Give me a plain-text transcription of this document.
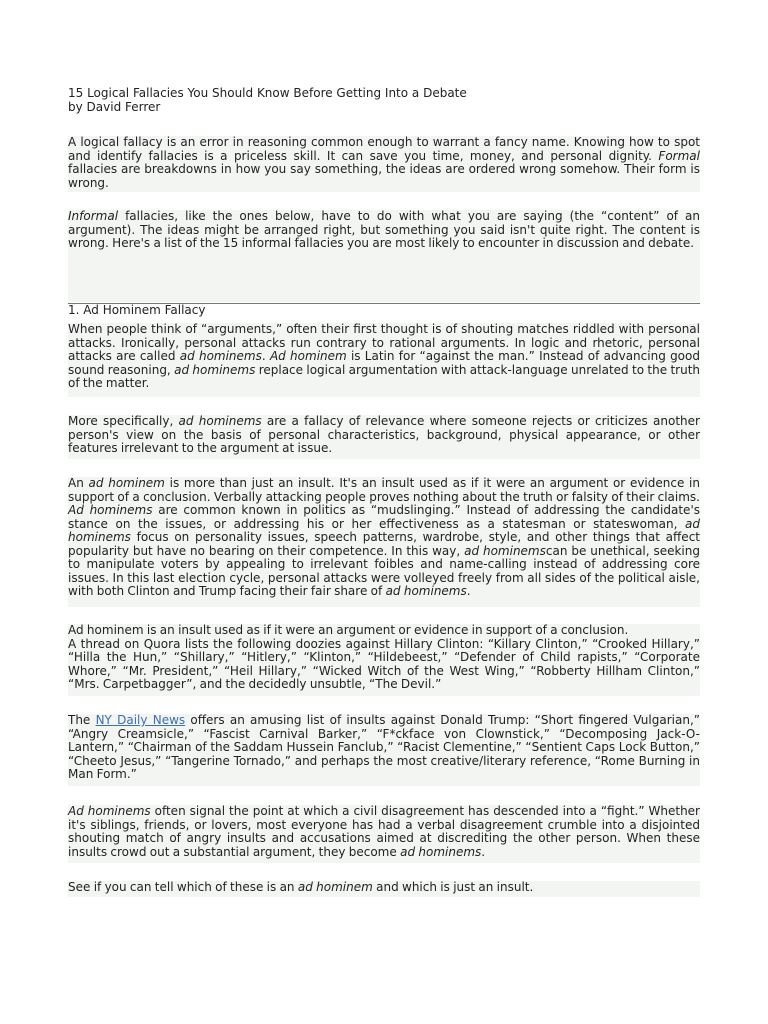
15 Logical Fallacies You Should Know Before Getting Into a Debate
by David Ferrer

A logical fallacy is an error in reasoning common enough to warrant a fancy name. Knowing how to spot and identify fallacies is a priceless skill. It can save you time, money, and personal dignity. Formal fallacies are breakdowns in how you say something, the ideas are ordered wrong somehow. Their form is wrong.

Informal fallacies, like the ones below, have to do with what you are saying (the “content” of an argument). The ideas might be arranged right, but something you said isn't quite right. The content is wrong. Here's a list of the 15 informal fallacies you are most likely to encounter in discussion and debate.

1. Ad Hominem Fallacy

When people think of “arguments,” often their first thought is of shouting matches riddled with personal attacks. Ironically, personal attacks run contrary to rational arguments. In logic and rhetoric, personal attacks are called ad hominems. Ad hominem is Latin for “against the man.” Instead of advancing good sound reasoning, ad hominems replace logical argumentation with attack-language unrelated to the truth of the matter.

More specifically, ad hominems are a fallacy of relevance where someone rejects or criticizes another person's view on the basis of personal characteristics, background, physical appearance, or other features irrelevant to the argument at issue.

An ad hominem is more than just an insult. It's an insult used as if it were an argument or evidence in support of a conclusion. Verbally attacking people proves nothing about the truth or falsity of their claims. Ad hominems are common known in politics as “mudslinging.” Instead of addressing the candidate's stance on the issues, or addressing his or her effectiveness as a statesman or stateswoman, ad hominems focus on personality issues, speech patterns, wardrobe, style, and other things that affect popularity but have no bearing on their competence. In this way, ad hominemscan be unethical, seeking to manipulate voters by appealing to irrelevant foibles and name-calling instead of addressing core issues. In this last election cycle, personal attacks were volleyed freely from all sides of the political aisle, with both Clinton and Trump facing their fair share of ad hominems.

Ad hominem is an insult used as if it were an argument or evidence in support of a conclusion.

A thread on Quora lists the following doozies against Hillary Clinton: “Killary Clinton,” “Crooked Hillary,” “Hilla the Hun,” “Shillary,” “Hitlery,” “Klinton,” “Hildebeest,” “Defender of Child rapists,” “Corporate Whore,” “Mr. President,” “Heil Hillary,” “Wicked Witch of the West Wing,” “Robberty Hillham Clinton,” “Mrs. Carpetbagger”, and the decidedly unsubtle, “The Devil.”

The NY Daily News offers an amusing list of insults against Donald Trump: “Short fingered Vulgarian,” “Angry Creamsicle,” “Fascist Carnival Barker,” “F*ckface von Clownstick,” “Decomposing Jack-O-Lantern,” “Chairman of the Saddam Hussein Fanclub,” “Racist Clementine,” “Sentient Caps Lock Button,” “Cheeto Jesus,” “Tangerine Tornado,” and perhaps the most creative/literary reference, “Rome Burning in Man Form.”

Ad hominems often signal the point at which a civil disagreement has descended into a “fight.” Whether it's siblings, friends, or lovers, most everyone has had a verbal disagreement crumble into a disjointed shouting match of angry insults and accusations aimed at discrediting the other person. When these insults crowd out a substantial argument, they become ad hominems.

See if you can tell which of these is an ad hominem and which is just an insult.
